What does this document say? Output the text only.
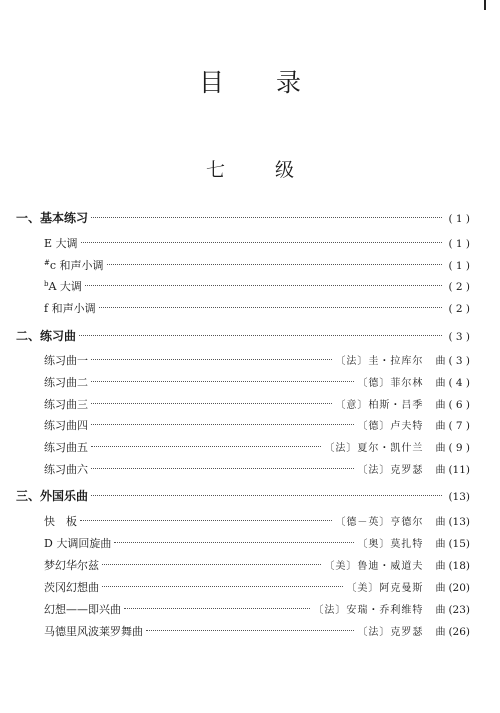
目 录
七 级
一、基本练习	( 1 )
E 大调	( 1 )
#c 和声小调	( 1 )
$^b$A 大调	( 2 )
f 和声小调	( 2 )
二、练习曲	( 3 )
练习曲一	〔法〕圭・拉库尔 曲 ( 3 )
练习曲二	〔德〕菲尔林 曲 ( 4 )
练习曲三	〔意〕柏斯・吕季 曲 ( 6 )
练习曲四	〔德〕卢夫特 曲 ( 7 )
练习曲五	〔法〕夏尔・凯什兰 曲 ( 9 )
练习曲六	〔法〕克罗瑟 曲 (11)
三、外国乐曲	(13)
快　板	〔德－英〕亨德尔 曲 (13)
D 大调回旋曲	〔奥〕莫扎特 曲 (15)
梦幻华尔兹	〔美〕鲁迪・威道夫 曲 (18)
茨冈幻想曲	〔美〕阿克曼斯 曲 (20)
幻想——即兴曲	〔法〕安瑞・乔利维特 曲 (23)
马德里风波莱罗舞曲	〔法〕克罗瑟 曲 (26)
